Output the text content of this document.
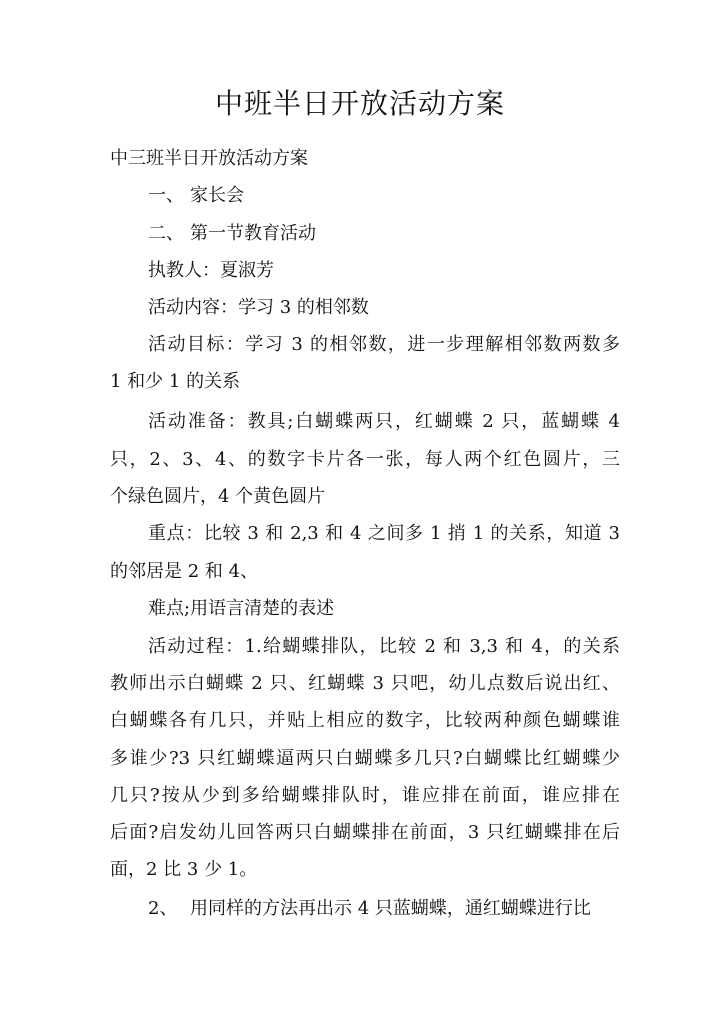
中班半日开放活动方案

中三班半日开放活动方案

一、 家长会

二、 第一节教育活动

执教人：夏淑芳

活动内容：学习 3 的相邻数

活动目标：学习 3 的相邻数，进一步理解相邻数两数多

1 和少 1 的关系

活动准备：教具;白蝴蝶两只，红蝴蝶 2 只，蓝蝴蝶 4

只，2、3、4、的数字卡片各一张，每人两个红色圆片，三

个绿色圆片，4 个黄色圆片

重点：比较 3 和 2,3 和 4 之间多 1 捎 1 的关系，知道 3

的邻居是 2 和 4、

难点;用语言清楚的表述

活动过程：1.给蝴蝶排队，比较 2 和 3,3 和 4，的关系

教师出示白蝴蝶 2 只、红蝴蝶 3 只吧，幼儿点数后说出红、

白蝴蝶各有几只，并贴上相应的数字，比较两种颜色蝴蝶谁

多谁少?3 只红蝴蝶逼两只白蝴蝶多几只?白蝴蝶比红蝴蝶少

几只?按从少到多给蝴蝶排队时，谁应排在前面，谁应排在

后面?启发幼儿回答两只白蝴蝶排在前面，3 只红蝴蝶排在后

面，2 比 3 少 1。

2、 用同样的方法再出示 4 只蓝蝴蝶，通红蝴蝶进行比
